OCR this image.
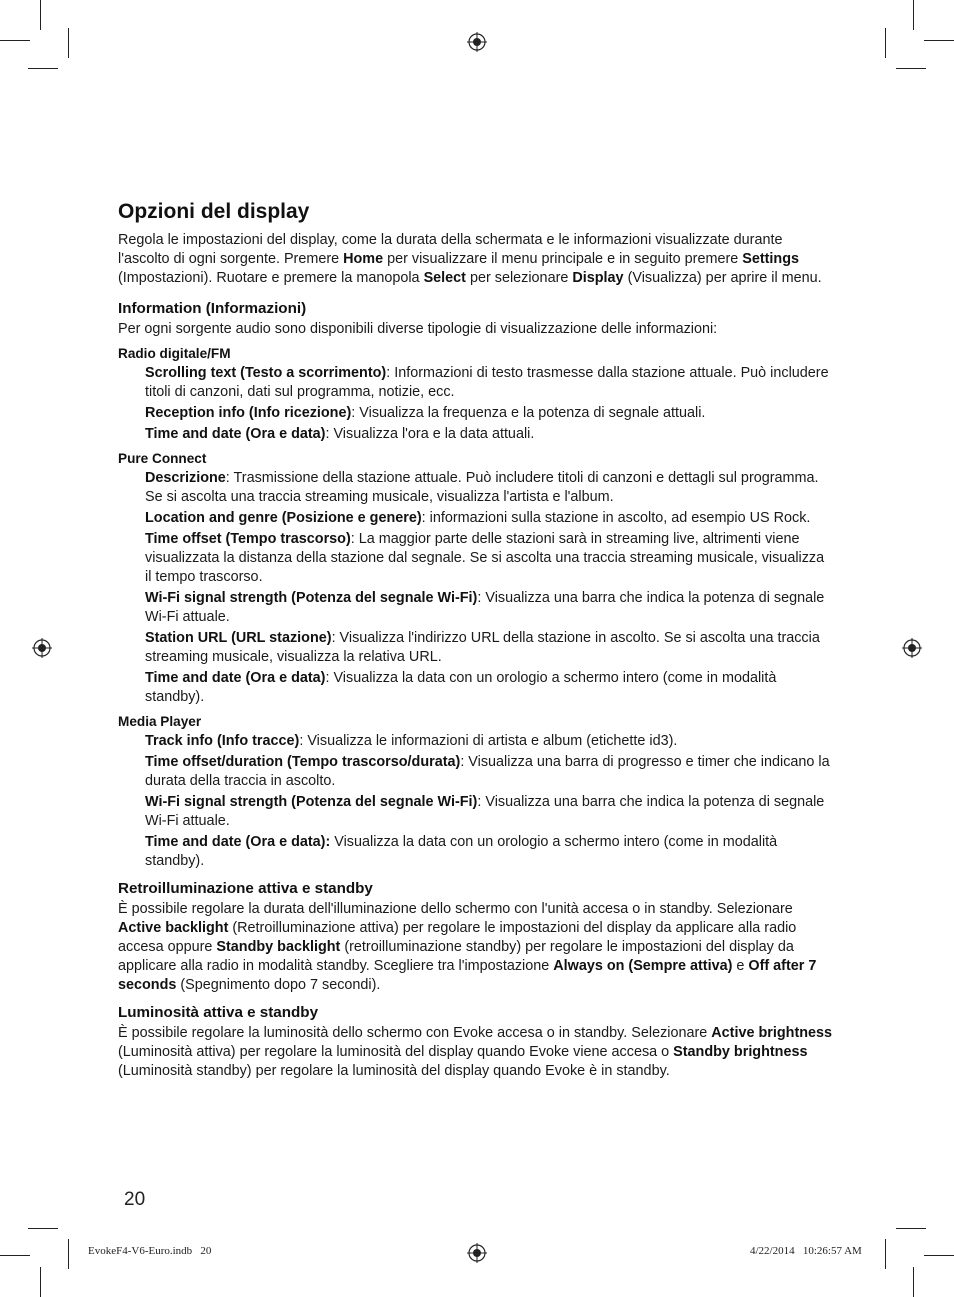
Opzioni del display

Regola le impostazioni del display, come la durata della schermata e le informazioni visualizzate durante l'ascolto di ogni sorgente. Premere Home per visualizzare il menu principale e in seguito premere Settings (Impostazioni). Ruotare e premere la manopola Select per selezionare Display (Visualizza) per aprire il menu.

Information (Informazioni)

Per ogni sorgente audio sono disponibili diverse tipologie di visualizzazione delle informazioni:

Radio digitale/FM
Scrolling text (Testo a scorrimento): Informazioni di testo trasmesse dalla stazione attuale. Può includere titoli di canzoni, dati sul programma, notizie, ecc.
Reception info (Info ricezione): Visualizza la frequenza e la potenza di segnale attuali.
Time and date (Ora e data): Visualizza l'ora e la data attuali.
Pure Connect
Descrizione: Trasmissione della stazione attuale. Può includere titoli di canzoni e dettagli sul programma. Se si ascolta una traccia streaming musicale, visualizza l'artista e l'album.
Location and genre (Posizione e genere): informazioni sulla stazione in ascolto, ad esempio US Rock.
Time offset (Tempo trascorso): La maggior parte delle stazioni sarà in streaming live, altrimenti viene visualizzata la distanza della stazione dal segnale. Se si ascolta una traccia streaming musicale, visualizza il tempo trascorso.
Wi-Fi signal strength (Potenza del segnale Wi-Fi): Visualizza una barra che indica la potenza di segnale Wi-Fi attuale.
Station URL (URL stazione): Visualizza l'indirizzo URL della stazione in ascolto. Se si ascolta una traccia streaming musicale, visualizza la relativa URL.
Time and date (Ora e data): Visualizza la data con un orologio a schermo intero (come in modalità standby).
Media Player
Track info (Info tracce): Visualizza le informazioni di artista e album (etichette id3).
Time offset/duration (Tempo trascorso/durata): Visualizza una barra di progresso e timer che indicano la durata della traccia in ascolto.
Wi-Fi signal strength (Potenza del segnale Wi-Fi): Visualizza una barra che indica la potenza di segnale Wi-Fi attuale.
Time and date (Ora e data): Visualizza la data con un orologio a schermo intero (come in modalità standby).
Retroilluminazione attiva e standby

È possibile regolare la durata dell'illuminazione dello schermo con l'unità accesa o in standby. Selezionare Active backlight (Retroilluminazione attiva) per regolare le impostazioni del display da applicare alla radio accesa oppure Standby backlight (retroilluminazione standby) per regolare le impostazioni del display da applicare alla radio in modalità standby. Scegliere tra l'impostazione Always on (Sempre attiva) e Off after 7 seconds (Spegnimento dopo 7 secondi).

Luminosità attiva e standby

È possibile regolare la luminosità dello schermo con Evoke accesa o in standby. Selezionare Active brightness (Luminosità attiva) per regolare la luminosità del display quando Evoke viene accesa o Standby brightness (Luminosità standby) per regolare la luminosità del display quando Evoke è in standby.

20
EvokeF4-V6-Euro.indb   20	4/22/2014   10:26:57 AM
